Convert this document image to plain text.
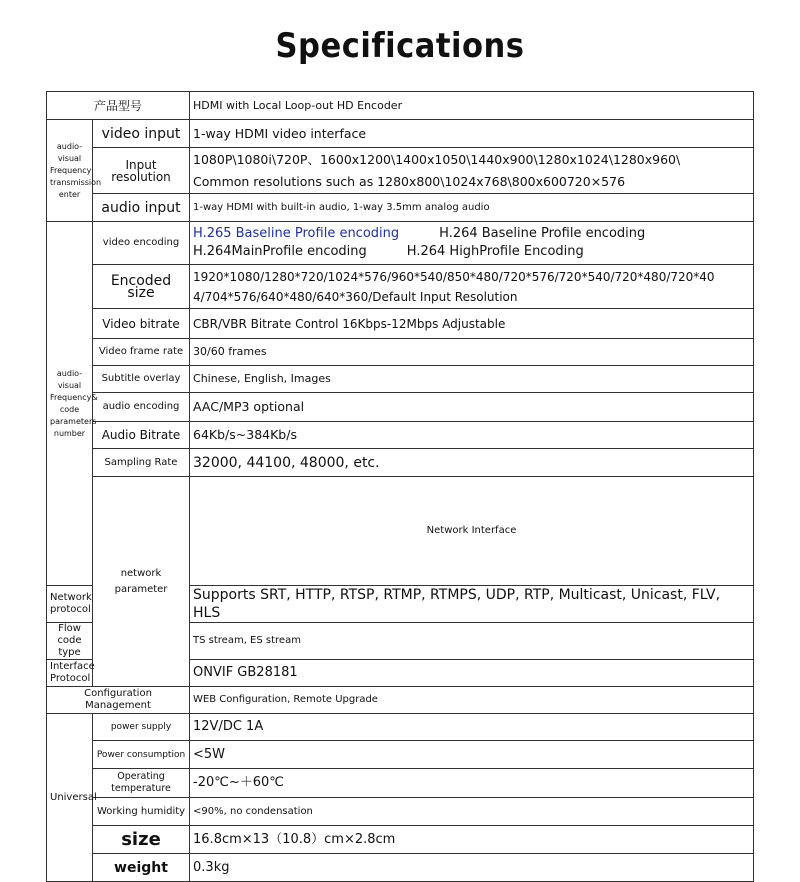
Specifications
产品型号		HDMI with Local Loop-out HD Encoder	
audio-visual Frequency transmission enter	video input	1-way HDMI video interface	
	Input resolution	1080P\1080i\720P、1600x1200\1400x1050\1440x900\1280x1024\1280x960\
Common resolutions such as 1280x800\1024x768\800x600720×576	

	audio input	1-way HDMI with built-in audio, 1-way 3.5mm analog audio	
audio-visual Frequency& code parameters number	video encoding	H.265 Baseline Profile encoding H.264 Baseline Profile encoding
H.264MainProfile encoding H.264 HighProfile Encoding	

	Encoded size	1920*1080/1280*720/1024*576/960*540/850*480/720*576/720*540/720*480/720*40
4/704*576/640*480/640*360/Default Input Resolution	

	Video bitrate	CBR/VBR Bitrate Control 16Kbps-12Mbps Adjustable	
	Video frame rate	30/60 frames	
	Subtitle overlay	Chinese, English, Images	
	audio encoding	AAC/MP3 optional	
	Audio Bitrate	64Kb/s~384Kb/s	
	Sampling Rate	32000, 44100, 48000, etc.	
	network parameter	Network Interface	
Network protocol		Supports SRT, HTTP, RTSP, RTMP, RTMPS, UDP, RTP, Multicast, Unicast, FLV, HLS	
Flow code type		TS stream, ES stream	
Interface Protocol		ONVIF GB28181	
Configuration Management		WEB Configuration, Remote Upgrade	
Universal	power supply	12V/DC 1A	
	Power consumption	<5W	
	Operating temperature	-20℃~＋60℃	
	Working humidity	<90%, no condensation	
	size	16.8cm×13（10.8）cm×2.8cm	
	weight	0.3kg	
